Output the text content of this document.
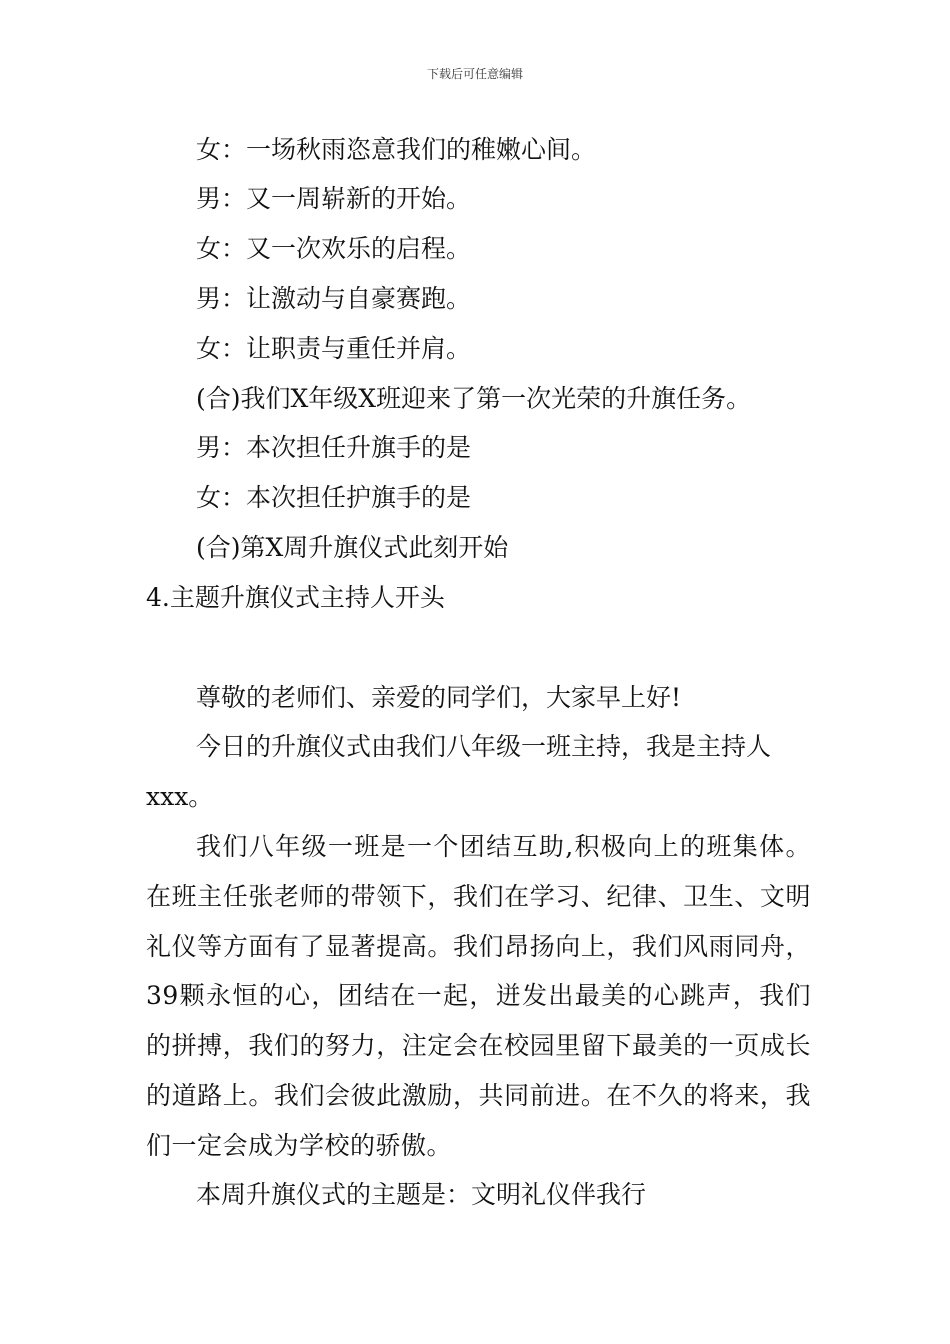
下载后可任意编辑
女：一场秋雨恣意我们的稚嫩心间。
男：又一周崭新的开始。
女：又一次欢乐的启程。
男：让激动与自豪赛跑。
女：让职责与重任并肩。
(合)我们X年级X班迎来了第一次光荣的升旗任务。
男：本次担任升旗手的是
女：本次担任护旗手的是
(合)第X周升旗仪式此刻开始
4.主题升旗仪式主持人开头
尊敬的老师们、亲爱的同学们，大家早上好!
今日的升旗仪式由我们八年级一班主持，我是主持人
xxx。

我们八年级一班是一个团结互助,积极向上的班集体。在班主任张老师的带领下，我们在学习、纪律、卫生、文明礼仪等方面有了显著提高。我们昂扬向上，我们风雨同舟，39颗永恒的心，团结在一起，迸发出最美的心跳声，我们的拼搏，我们的努力，注定会在校园里留下最美的一页成长的道路上。我们会彼此激励，共同前进。在不久的将来，我们一定会成为学校的骄傲。

本周升旗仪式的主题是：文明礼仪伴我行
